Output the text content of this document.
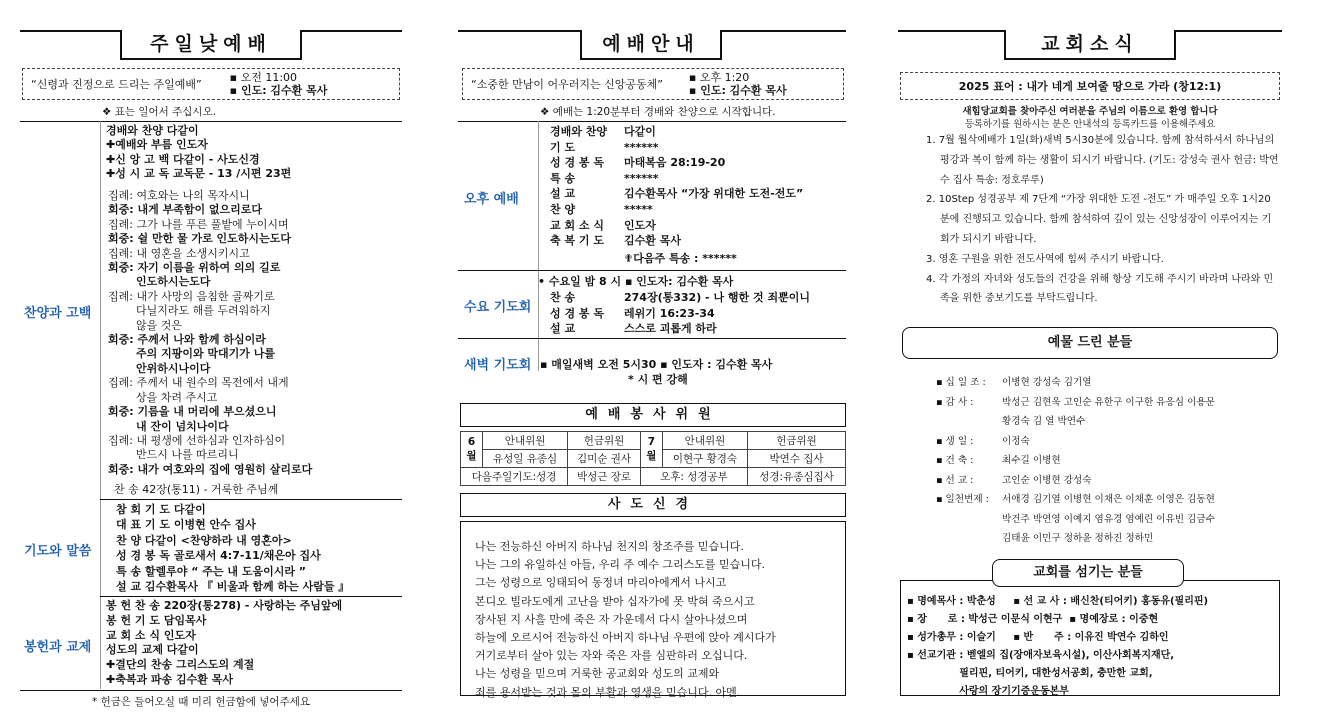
주일낮예배
“신령과 진정으로 드리는 주일예배”
▪ 오전 11:00
▪ 인도: 김수환 목사
❖ 표는 일어서 주십시오.
찬양과 고백
경배와 찬양 다같이
✚예배와 부름 인도자
✚신 앙 고 백 다같이 - 사도신경
✚성 시 교 독 교독문 - 13 /시편 23편
집례: 여호와는 나의 목자시니
회중: 내게 부족함이 없으리로다
집례: 그가 나를 푸른 풀밭에 누이시며
회중: 쉴 만한 물 가로 인도하시는도다
집례: 내 영혼을 소생시키시고
회중: 자기 이름을 위하여 의의 길로
인도하시는도다
집례: 내가 사망의 음침한 골짜기로
다닐지라도 해를 두려워하지
않을 것은
회중: 주께서 나와 함께 하심이라
주의 지팡이와 막대기가 나를
안위하시나이다
집례: 주께서 내 원수의 목전에서 내게
상을 차려 주시고
회중: 기름을 내 머리에 부으셨으니
내 잔이 넘치나이다
집례: 내 평생에 선하심과 인자하심이
반드시 나를 따르리니
회중: 내가 여호와의 집에 영원히 살리로다
찬 송 42장(통11) - 거룩한 주님께
기도와 말씀
참 회 기 도 다같이
대 표 기 도 이병현 안수 집사
찬 양 다같이 <찬양하라 내 영혼아>
성 경 봉 독 골로새서 4:7-11/채은아 집사
특 송 할렐루야 “ 주는 내 도움이시라 ”
설 교 김수환목사 『 비울과 함께 하는 사람들 』
봉헌과 교제
봉 헌 찬 송 220장(통278) - 사랑하는 주님앞에
봉 헌 기 도 담임목사
교 회 소 식 인도자
성도의 교제 다같이
✚결단의 찬송 그리스도의 계절
✚축복과 파송 김수환 목사
* 헌금은 들어오실 때 미리 헌금함에 넣어주세요
예배안내
“소중한 만남이 어우러지는 신앙공동체”
▪ 오후 1:20
▪ 인도: 김수환 목사
❖ 예배는 1:20분부터 경배와 찬양으로 시작합니다.
오후 예배
경배와 찬양	다같이
기 도	******
성 경 봉 독	마태복음 28:19-20
특 송	******
설 교	김수환목사 “가장 위대한 도전-전도”
찬 양	*****
교 회 소 식	인도자
축 복 기 도	김수환 목사
✟다음주 특송 : ******
수요 기도회
• 수요일 밤 8 시 ▪ 인도자: 김수환 목사
찬 송	274장(통332) - 나 행한 것 죄뿐이니
성 경 봉 독	레위기 16:23-34
설 교	스스로 괴롭게 하라
새벽 기도회 ▪ 매일새벽 오전 5시30 ▪ 인도자 : 김수환 목사
* 시 편 강해
예배봉사위원
6월	안내위원	헌금위원	7월	안내위원	헌금위원
	유성일 유종심	김미순 권사		이현구 황경숙	박연수 집사
다음주일기도:성경		박성근 장로	오후: 성경공부		성경:유종심집사
사도신경
나는 전능하신 아버지 하나님 천지의 창조주를 믿습니다.
나는 그의 유일하신 아들, 우리 주 예수 그리스도를 믿습니다.
그는 성령으로 잉태되어 동정녀 마리아에게서 나시고
본디오 빌라도에게 고난을 받아 십자가에 못 박혀 죽으시고
장사된 지 사흘 만에 죽은 자 가운데서 다시 살아나셨으며
하늘에 오르시어 전능하신 아버지 하나님 우편에 앉아 계시다가
거기로부터 살아 있는 자와 죽은 자를 심판하러 오십니다.
나는 성령을 믿으며 거룩한 공교회와 성도의 교제와
죄를 용서받는 것과 몸의 부활과 영생을 믿습니다. 아멘.
교회소식
2025 표어 : 내가 네게 보여줄 땅으로 가라 (창12:1)
새힘당교회를 찾아주신 여러분을 주님의 이름으로 환영 합니다
등록하기를 원하시는 분은 안내석의 등록카드를 이용해주세요
1. 7월 월삭예배가 1일(화)새벽 5시30분에 있습니다. 함께 참석하셔서 하나님의 평강과 복이 함께 하는 생활이 되시기 바랍니다. (기도: 강성숙 권사 헌금: 박연수 집사 특송: 정호루루)
2. 10Step 성경공부 제 7단계 “가장 위대한 도전 -전도” 가 매주일 오후 1시20분에 진행되고 있습니다. 함께 참석하여 깊이 있는 신앙성장이 이루어지는 기회가 되시기 바랍니다.
3. 영혼 구원을 위한 전도사역에 힘써 주시기 바랍니다.
4. 각 가정의 자녀와 성도들의 건강을 위해 항상 기도해 주시기 바라며 나라와 민족을 위한 중보기도를 부탁드립니다.
예물 드린 분들
▪ 십 일 조 :	이병현 강성숙 김기열
▪ 감 사 :	박성근 김현욱 고인순 유한구 이구한 유응심 이용문
황경숙 김 열 박연수
▪ 생 일 :	이정숙
▪ 건 축 :	최수길 이병현
▪ 선 교 :	고인순 이병현 강성숙
▪ 일천번제 :	서애경 김기열 이병현 이채은 이채훈 이영은 김동현
박건주 박연영 이예지 염유경 염예린 이유빈 김금수
김태윤 이민구 정하윤 정하진 정하민
▪ 명예목사 : 박춘성     ▪ 선 교 사 : 배신찬(티어키) 홍동유(필리핀)
▪ 장      로 : 박성근 이문식 이현구  ▪ 명예장로 : 이중현
▪ 성가총무 : 이슬기     ▪ 반      주 : 이유진 박연수 김하인
▪ 선교기관 : 벧엘의 집(장애자보육시설), 이산사회복지재단,
필리핀, 티어키, 대한성서공회, 충만한 교회,
사랑의 장기기증운동본부
교회를 섬기는 분들
